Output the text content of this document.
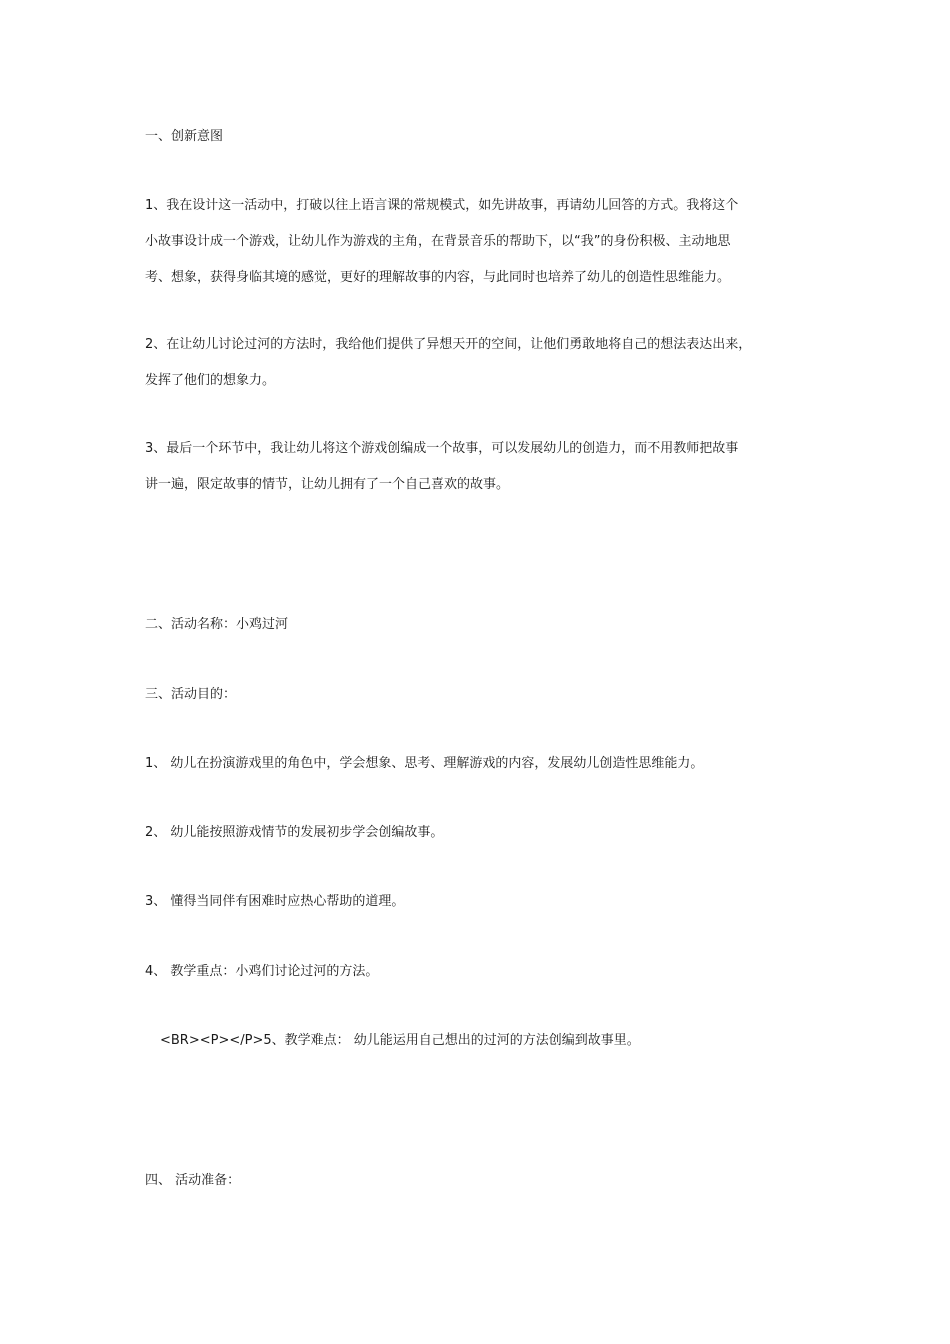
一、创新意图

1、我在设计这一活动中，打破以往上语言课的常规模式，如先讲故事，再请幼儿回答的方式。我将这个

小故事设计成一个游戏，让幼儿作为游戏的主角，在背景音乐的帮助下，以“我”的身份积极、主动地思

考、想象，获得身临其境的感觉，更好的理解故事的内容，与此同时也培养了幼儿的创造性思维能力。

2、在让幼儿讨论过河的方法时，我给他们提供了异想天开的空间，让他们勇敢地将自己的想法表达出来，

发挥了他们的想象力。

3、最后一个环节中，我让幼儿将这个游戏创编成一个故事，可以发展幼儿的创造力，而不用教师把故事

讲一遍，限定故事的情节，让幼儿拥有了一个自己喜欢的故事。

二、活动名称：小鸡过河
三、活动目的：
1、 幼儿在扮演游戏里的角色中，学会想象、思考、理解游戏的内容，发展幼儿创造性思维能力。
2、 幼儿能按照游戏情节的发展初步学会创编故事。
3、 懂得当同伴有困难时应热心帮助的道理。
4、 教学重点：小鸡们讨论过河的方法。
<BR><P></P>5、教学难点： 幼儿能运用自己想出的过河的方法创编到故事里。
四、 活动准备：
